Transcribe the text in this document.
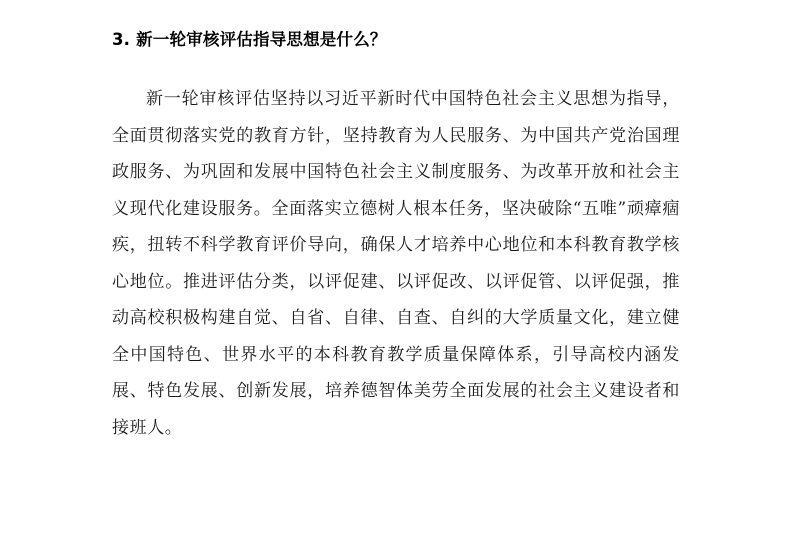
3. 新一轮审核评估指导思想是什么？

新一轮审核评估坚持以习近平新时代中国特色社会主义思想为指导，全面贯彻落实党的教育方针，坚持教育为人民服务、为中国共产党治国理政服务、为巩固和发展中国特色社会主义制度服务、为改革开放和社会主义现代化建设服务。全面落实立德树人根本任务，坚决破除“五唯”顽瘴痼疾，扭转不科学教育评价导向，确保人才培养中心地位和本科教育教学核心地位。推进评估分类，以评促建、以评促改、以评促管、以评促强，推动高校积极构建自觉、自省、自律、自查、自纠的大学质量文化，建立健全中国特色、世界水平的本科教育教学质量保障体系，引导高校内涵发展、特色发展、创新发展，培养德智体美劳全面发展的社会主义建设者和接班人。
